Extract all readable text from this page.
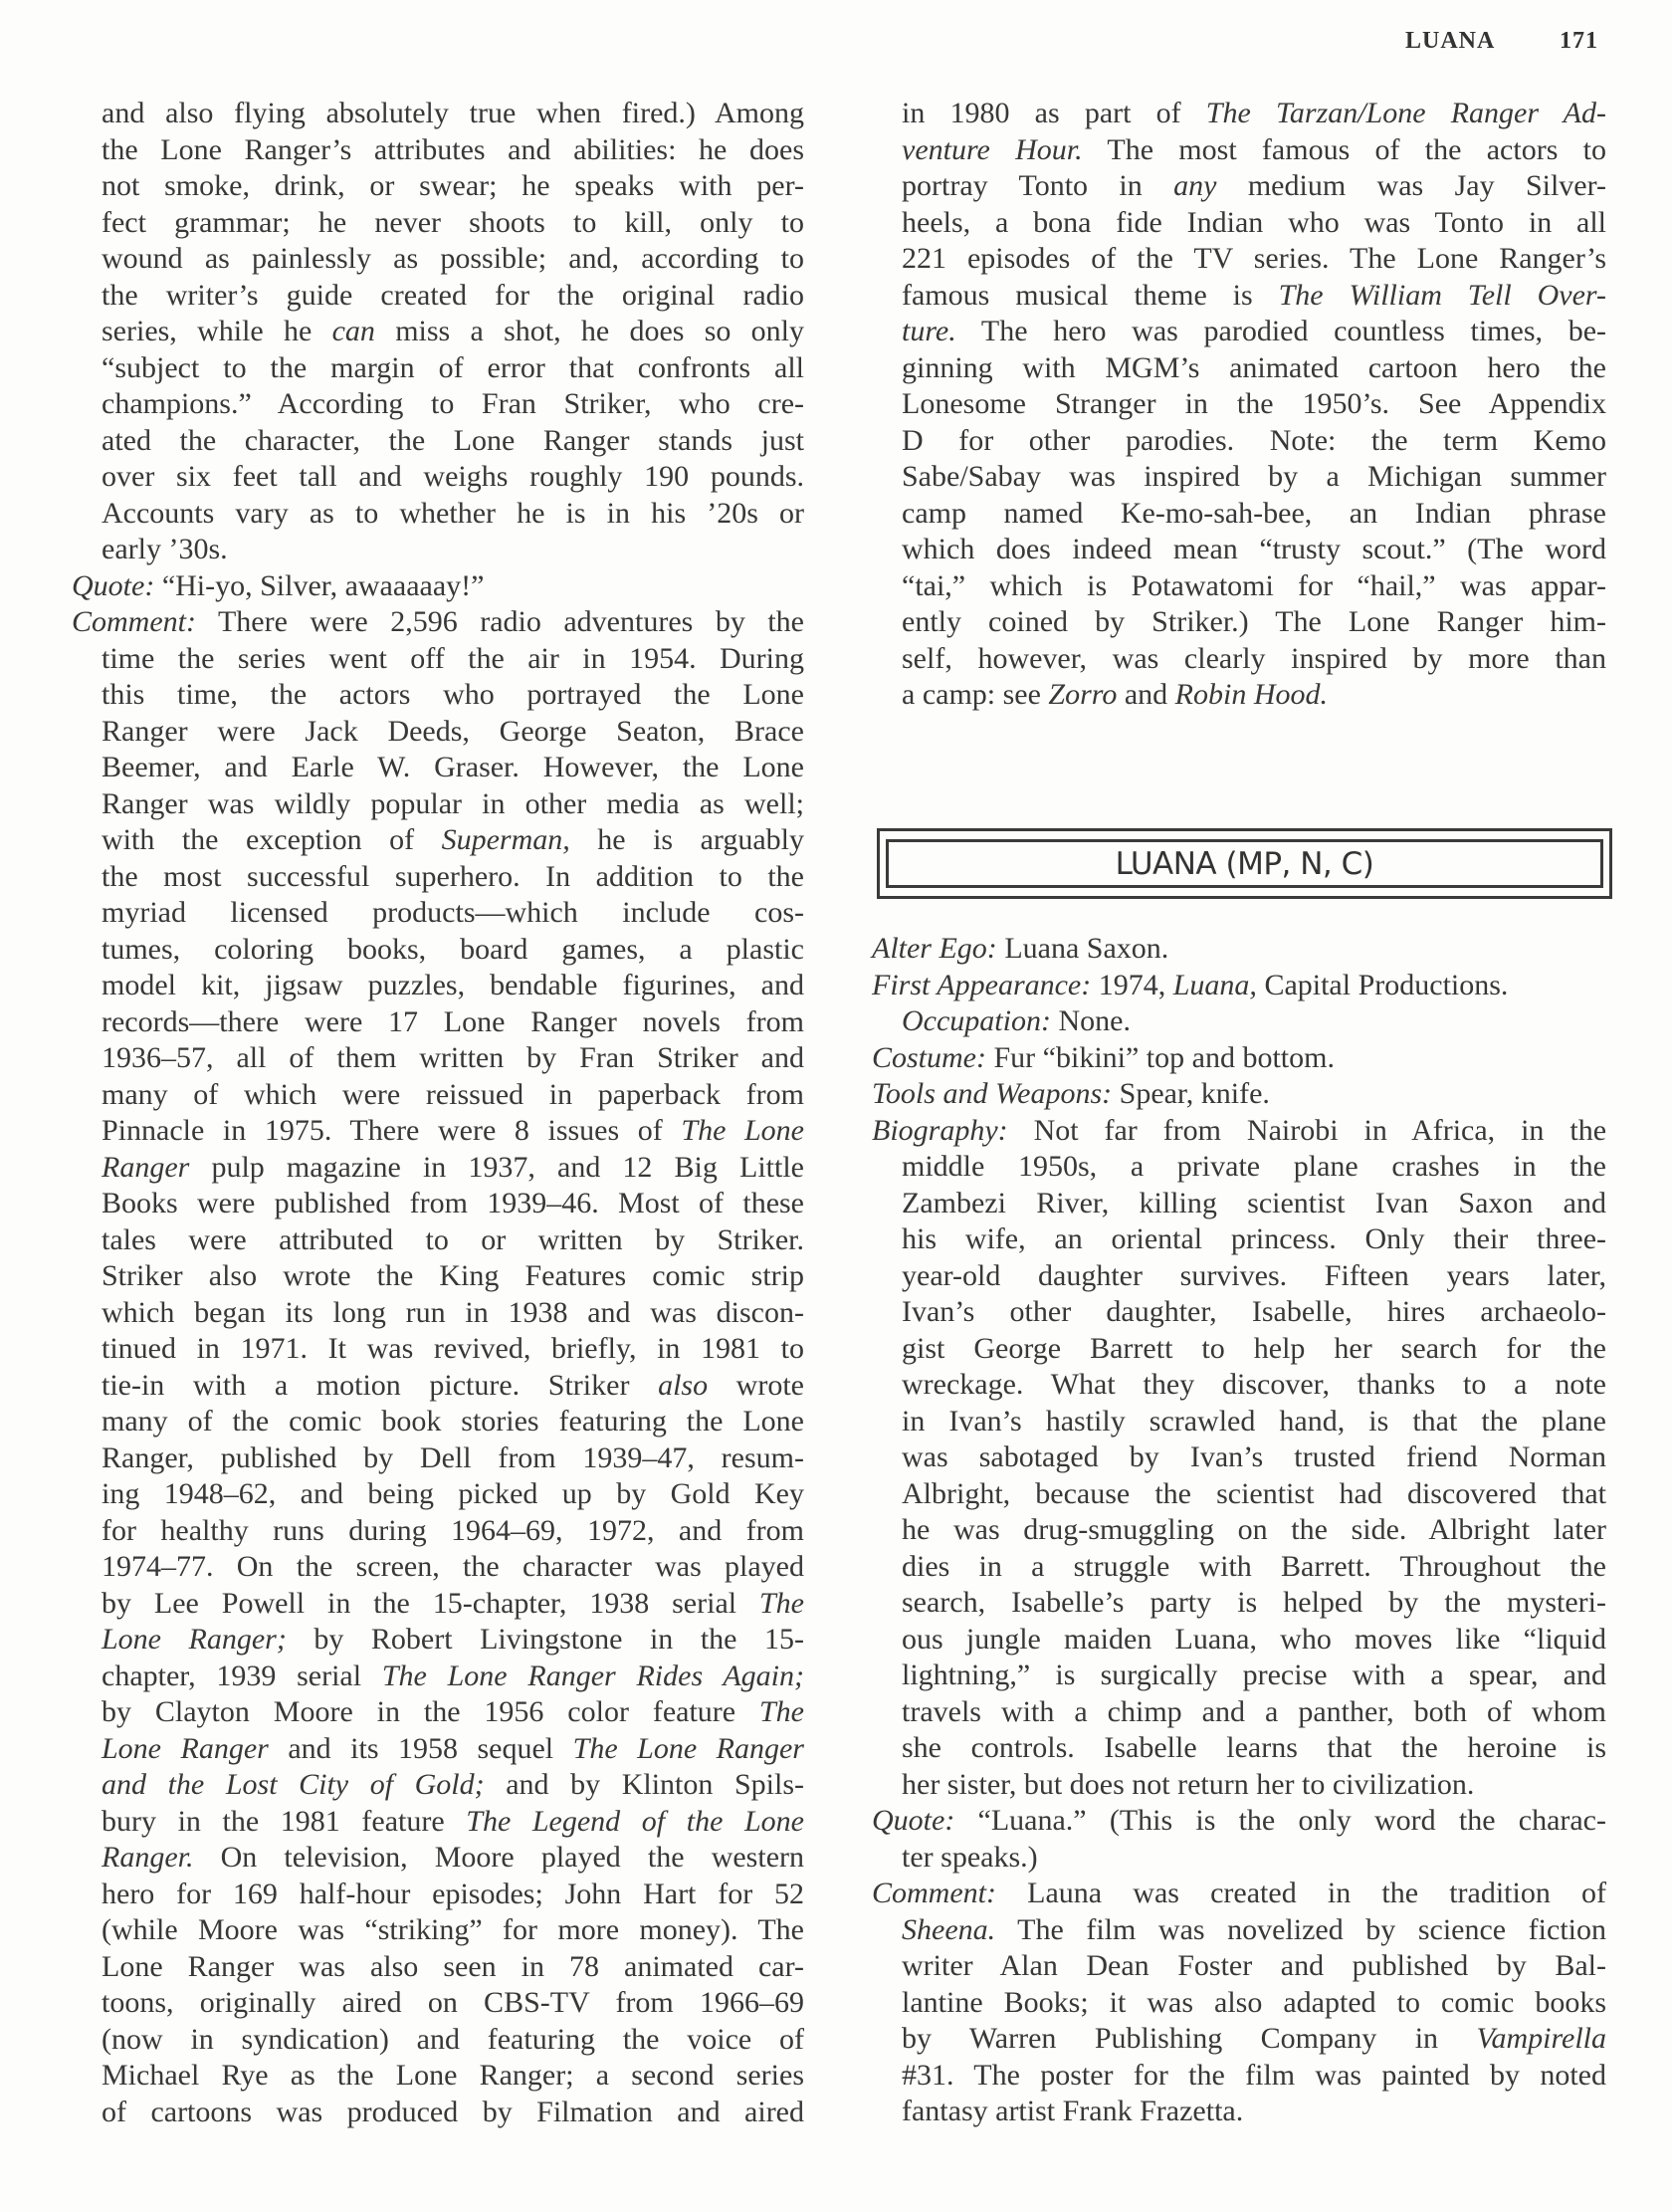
LUANA	171
and also flying absolutely true when fired.) Among
the Lone Ranger’s attributes and abilities: he does
not smoke, drink, or swear; he speaks with per-
fect grammar; he never shoots to kill, only to
wound as painlessly as possible; and, according to
the writer’s guide created for the original radio
series, while he can miss a shot, he does so only
“subject to the margin of error that confronts all
champions.” According to Fran Striker, who cre-
ated the character, the Lone Ranger stands just
over six feet tall and weighs roughly 190 pounds.
Accounts vary as to whether he is in his ’20s or
early ’30s.
Quote: “Hi-yo, Silver, awaaaaay!”
Comment: There were 2,596 radio adventures by the
time the series went off the air in 1954. During
this time, the actors who portrayed the Lone
Ranger were Jack Deeds, George Seaton, Brace
Beemer, and Earle W. Graser. However, the Lone
Ranger was wildly popular in other media as well;
with the exception of Superman, he is arguably
the most successful superhero. In addition to the
myriad licensed products—which include cos-
tumes, coloring books, board games, a plastic
model kit, jigsaw puzzles, bendable figurines, and
records—there were 17 Lone Ranger novels from
1936–57, all of them written by Fran Striker and
many of which were reissued in paperback from
Pinnacle in 1975. There were 8 issues of The Lone
Ranger pulp magazine in 1937, and 12 Big Little
Books were published from 1939–46. Most of these
tales were attributed to or written by Striker.
Striker also wrote the King Features comic strip
which began its long run in 1938 and was discon-
tinued in 1971. It was revived, briefly, in 1981 to
tie-in with a motion picture. Striker also wrote
many of the comic book stories featuring the Lone
Ranger, published by Dell from 1939–47, resum-
ing 1948–62, and being picked up by Gold Key
for healthy runs during 1964–69, 1972, and from
1974–77. On the screen, the character was played
by Lee Powell in the 15-chapter, 1938 serial The
Lone Ranger; by Robert Livingstone in the 15-
chapter, 1939 serial The Lone Ranger Rides Again;
by Clayton Moore in the 1956 color feature The
Lone Ranger and its 1958 sequel The Lone Ranger
and the Lost City of Gold; and by Klinton Spils-
bury in the 1981 feature The Legend of the Lone
Ranger. On television, Moore played the western
hero for 169 half-hour episodes; John Hart for 52
(while Moore was “striking” for more money). The
Lone Ranger was also seen in 78 animated car-
toons, originally aired on CBS-TV from 1966–69
(now in syndication) and featuring the voice of
Michael Rye as the Lone Ranger; a second series
of cartoons was produced by Filmation and aired
in 1980 as part of The Tarzan/Lone Ranger Ad-
venture Hour. The most famous of the actors to
portray Tonto in any medium was Jay Silver-
heels, a bona fide Indian who was Tonto in all
221 episodes of the TV series. The Lone Ranger’s
famous musical theme is The William Tell Over-
ture. The hero was parodied countless times, be-
ginning with MGM’s animated cartoon hero the
Lonesome Stranger in the 1950’s. See Appendix
D for other parodies. Note: the term Kemo
Sabe/Sabay was inspired by a Michigan summer
camp named Ke-mo-sah-bee, an Indian phrase
which does indeed mean “trusty scout.” (The word
“tai,” which is Potawatomi for “hail,” was appar-
ently coined by Striker.) The Lone Ranger him-
self, however, was clearly inspired by more than
a camp: see Zorro and Robin Hood.
LUANA (MP, N, C)
Alter Ego: Luana Saxon.
First Appearance: 1974, Luana, Capital Productions.
Occupation: None.
Costume: Fur “bikini” top and bottom.
Tools and Weapons: Spear, knife.
Biography: Not far from Nairobi in Africa, in the
middle 1950s, a private plane crashes in the
Zambezi River, killing scientist Ivan Saxon and
his wife, an oriental princess. Only their three-
year-old daughter survives. Fifteen years later,
Ivan’s other daughter, Isabelle, hires archaeolo-
gist George Barrett to help her search for the
wreckage. What they discover, thanks to a note
in Ivan’s hastily scrawled hand, is that the plane
was sabotaged by Ivan’s trusted friend Norman
Albright, because the scientist had discovered that
he was drug-smuggling on the side. Albright later
dies in a struggle with Barrett. Throughout the
search, Isabelle’s party is helped by the mysteri-
ous jungle maiden Luana, who moves like “liquid
lightning,” is surgically precise with a spear, and
travels with a chimp and a panther, both of whom
she controls. Isabelle learns that the heroine is
her sister, but does not return her to civilization.
Quote: “Luana.” (This is the only word the charac-
ter speaks.)
Comment: Launa was created in the tradition of
Sheena. The film was novelized by science fiction
writer Alan Dean Foster and published by Bal-
lantine Books; it was also adapted to comic books
by Warren Publishing Company in Vampirella
#31. The poster for the film was painted by noted
fantasy artist Frank Frazetta.
